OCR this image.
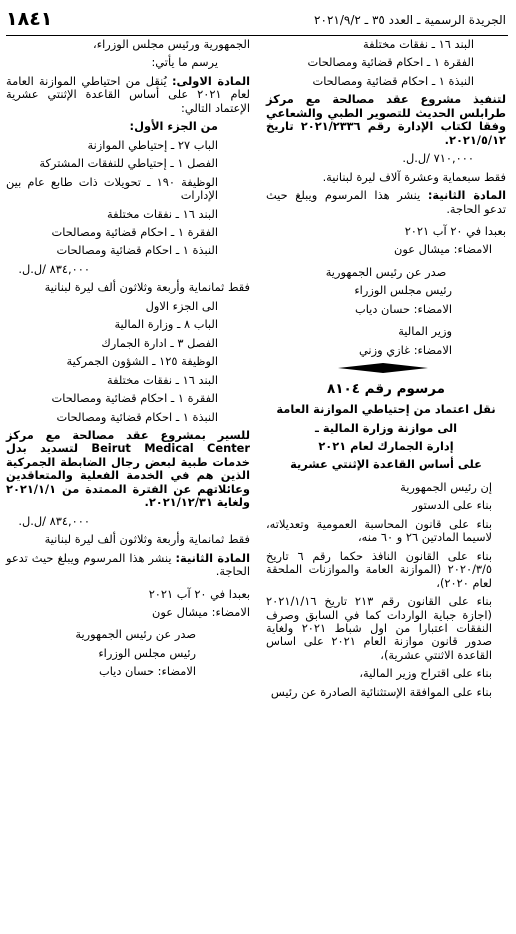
الجريدة الرسمية ـ العدد ٣٥ ـ ٢٠٢١/٩/٢
١٨٤١

البند ١٦ ـ نفقات مختلفة

الفقرة ١ ـ احكام قضائية ومصالحات

النبذة ١ ـ احكام قضائية ومصالحات

لتنفيذ مشروع عقد مصالحة مع مركز طرابلس الحديث للتصوير الطبي والشعاعي وفقا لكتاب الإدارة رقم ٢٠٢١/٢٣٣٦ تاريخ ٢٠٢١/٥/١٢.

٧١٠,٠٠٠ /ل.ل.

فقط سبعماية وعشرة آلاف ليرة لبنانية.

المادة الثانية: ينشر هذا المرسوم ويبلغ حيث تدعو الحاجة.

بعبدا في ٢٠ آب ٢٠٢١

الامضاء: ميشال عون

صدر عن رئيس الجمهورية

رئيس مجلس الوزراء

الامضاء: حسان دياب

وزير المالية

الامضاء: غازي وزني

مرسوم رقم ٨١٠٤

نقل اعتماد من إحتياطي الموازنة العامة

الى موازنة وزارة المالية ـ

إدارة الجمارك لعام ٢٠٢١

على أساس القاعدة الإثنتي عشرية

إن رئيس الجمهورية

بناء على الدستور

بناء على قانون المحاسبة العمومية وتعديلاته، لاسيما المادتين ٢٦ و ٦٠ منه،

بناء على القانون النافذ حكما رقم ٦ تاريخ ٢٠٢٠/٣/٥ (الموازنة العامة والموازنات الملحقة لعام ٢٠٢٠)،

بناء على القانون رقم ٢١٣ تاريخ ٢٠٢١/١/١٦ (اجازة جباية الواردات كما في السابق وصرف النفقات اعتبارا من اول شباط ٢٠٢١ ولغاية صدور قانون موازنة العام ٢٠٢١ على اساس القاعدة الاثنتي عشرية)،

بناء على اقتراح وزير المالية،

بناء على الموافقة الإستثنائية الصادرة عن رئيس

الجمهورية ورئيس مجلس الوزراء،

يرسم ما يأتي:

المادة الاولى: يُنقل من احتياطي الموازنة العامة لعام ٢٠٢١ على أساس القاعدة الإثنتي عشرية الإعتماد التالي:

من الجزء الأول:

الباب ٢٧ ـ إحتياطي الموازنة

الفصل ١ ـ إحتياطي للنفقات المشتركة

الوظيفة ١٩٠ ـ تحويلات ذات طابع عام بين الإدارات

البند ١٦ ـ نفقات مختلفة

الفقرة ١ ـ احكام قضائية ومصالحات

النبذة ١ ـ احكام قضائية ومصالحات

٨٣٤,٠٠٠ /ل.ل.

فقط ثمانماية وأربعة وثلاثون ألف ليرة لبنانية

الى الجزء الاول

الباب ٨ ـ وزارة المالية

الفصل ٣ ـ ادارة الجمارك

الوظيفة ١٢٥ ـ الشؤون الجمركية

البند ١٦ ـ نفقات مختلفة

الفقرة ١ ـ احكام قضائية ومصالحات

النبذة ١ ـ احكام قضائية ومصالحات

للسير بمشروع عقد مصالحة مع مركز Beirut Medical Center لتسديد بدل خدمات طبية لبعض رجال الضابطة الجمركية الذين هم في الخدمة الفعلية والمتعاقدين وعائلاتهم عن الفترة الممتدة من ٢٠٢١/١/١ ولغاية ٢٠٢١/١٢/٣١.

٨٣٤,٠٠٠ /ل.ل.

فقط ثمانماية وأربعة وثلاثون ألف ليرة لبنانية

المادة الثانية: ينشر هذا المرسوم ويبلغ حيث تدعو الحاجة.

بعبدا في ٢٠ آب ٢٠٢١

الامضاء: ميشال عون

صدر عن رئيس الجمهورية

رئيس مجلس الوزراء

الامضاء: حسان دياب
